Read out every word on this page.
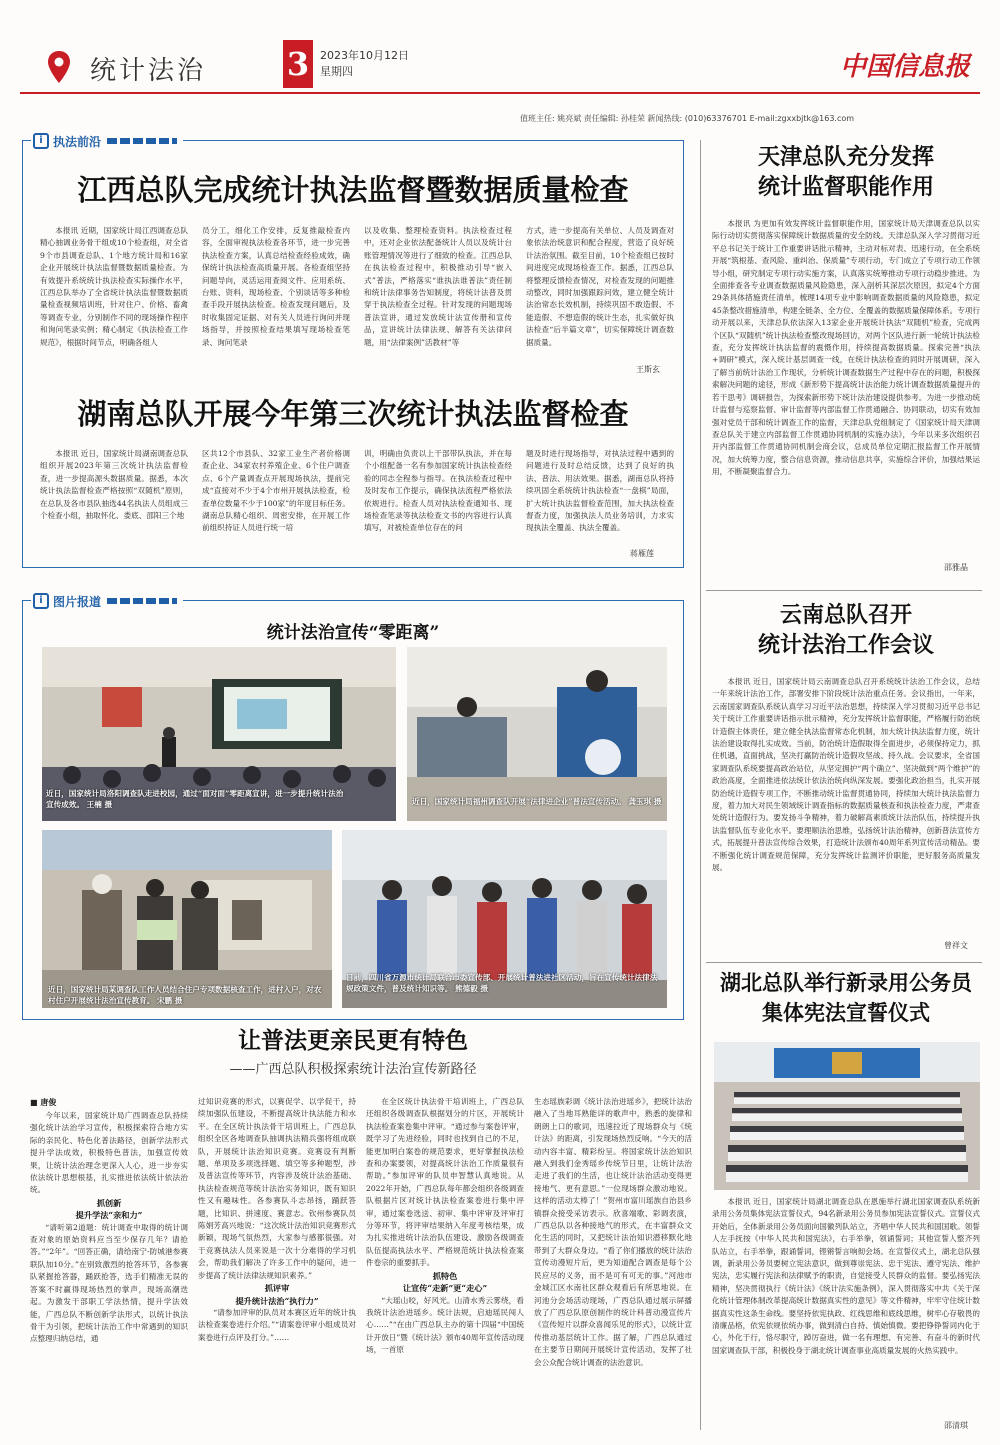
统计法治	3 2023年10月12日
星期四	中国信息报
值班主任: 姚亮斌 责任编辑: 孙桂荣 新闻热线: (010)63376701 E-mail:zgxxbjtk@163.com
i 执法前沿
江西总队完成统计执法监督暨数据质量检查

本报讯 近期，国家统计局江西调查总队精心抽调业务骨干组成10个检查组，对全省9个市县调查总队、1个地方统计局和16家企业开展统计执法监督暨数据质量检查。为有效提升系统统计执法检查实际操作水平，江西总队举办了全省统计执法监督暨数据质量检查视频培训班，针对住户、价格、畜禽等调查专业，分别制作不同的现场操作程序和询问笔录实例；精心制定《执法检查工作规范》，根据时间节点，明确各组人

员分工，细化工作安排，反复推敲检查内容，全面审视执法检查各环节，进一步完善执法检查方案，认真总结检查经验成效，确保统计执法检查高质量开展。各检查组坚持问题导向，灵活运用查阅文件、应用系统、台账、资料，现场检查、个别谈话等多种检查手段开展执法检查。检查发现问题后，及时收集固定证据、对有关人员进行询问并现场指导，并按照检查结果填写现场检查笔录、询问笔录

以及收集、整理检查资料。执法检查过程中，还对企业依法配备统计人员以及统计台账管理情况等进行了细致的检查。江西总队在执法检查过程中，积极推动引导“嵌入式”普法，严格落实“谁执法谁普法”责任制和统计法律事务告知制度，将统计法普及贯穿于执法检查全过程。针对发现的问题现场普法宣讲，通过发放统计法宣传册和宣传品，宣讲统计法律法规、解答有关法律问题，用“法律案例”活教材”等

方式，进一步提高有关单位、人员及调查对象依法治统意识和配合程度，营造了良好统计法治氛围。截至目前，10个检查组已按时间进度完成现场检查工作。据悉，江西总队将整理反馈检查情况，对检查发现的问题推动整改，同时加强跟踪问效，建立健全统计法治常态长效机制，持续巩固不敢造假、不能造假、不想造假的统计生态，扎实做好执法检查“后半篇文章”，切实保障统计调查数据质量。

王斯玄
湖南总队开展今年第三次统计执法监督检查

本报讯 近日，国家统计局湖南调查总队组织开展2023年第三次统计执法监督检查，进一步提高源头数据质量。据悉，本次统计执法监督检查严格按照“双随机”原则，在总队及各市县队抽选44名执法人员组成三个检查小组，抽取怀化、娄底、邵阳三个地

区共12个市县队、32家工业生产者价格调查企业、34家农村养殖企业、6个住户调查点、6个产量调查点开展现场执法，提前完成“直接对不少于4个市州开展执法检查，检查单位数量不少于100家”的年度目标任务。湖南总队精心组织、周密安排，在开展工作前组织持证人员进行统一培

训，明确由负责以上干部带队执法，并在每个小组配备一名有参加国家统计执法检查经验的同志全程参与指导。在执法检查过程中及时发布工作提示，确保执法流程严格依法依规进行。检查人员对执法检查通知书、现场检查笔录等执法检查文书的内容进行认真填写，对被检查单位存在的问

题及时进行现场指导，对执法过程中遇到的问题进行及时总结反馈，达到了良好的执法、普法、用法效果。据悉，湖南总队将持续巩固全系统统计执法检查“一盘棋”局面，扩大统计执法监督检查范围，加大执法检查督查力度，加强执法人员业务培训，力求实现执法全覆盖、执法全覆盖。

蒋雁莲
天津总队充分发挥
统计监督职能作用

本报讯 为更加有效发挥统计监督职能作用，国家统计局天津调查总队以实际行动切实贯彻落实保障统计数据质量的安全防线。天津总队深入学习贯彻习近平总书记关于统计工作重要讲话批示精神，主动对标对表、迅速行动，在全系统开展“筑根基、查风险、重纠治、保质量”专项行动，专门成立了专项行动工作领导小组，研究制定专项行动实施方案，认真落实统筹推动专项行动稳步推进。为全面排查各专业调查数据质量风险隐患，深入剖析其深层次原因，拟定4个方面29条具体措施责任清单，梳理14项专业中影响调查数据质量的风险隐患，拟定45条整改措施清单，构建全链条、全方位、全覆盖的数据质量保障体系。专项行动开展以来，天津总队依法深入13家企业开展统计执法“双随机”检查，完成两个区队“双随机”统计执法检查整改现场回访，对两个区队进行新一轮统计执法检查，充分发挥统计执法监督的震慑作用，持续提高数据质量。探索完善“执法+调研”模式，深入统计基层调查一线，在统计执法检查的同时开展调研，深入了解当前统计法治工作现状，分析统计调查数据生产过程中存在的问题，积极探索解决问题的途径，形成《新形势下提高统计法治能力统计调查数据质量提升的若干思考》调研报告，为探索新形势下统计法治建设提供参考。为进一步推动统计监督与巡察监督、审计监督等内部监督工作贯通融合、协同联动，切实有效加强对党员干部和统计调查工作的监督，天津总队党组制定了《国家统计局天津调查总队关于建立内部监督工作贯通协同机制的实施办法》，今年以来多次组织召开内部监督工作贯通协同机制会商会议，总成员单位定期汇报监督工作开展情况，加大统筹力度，整合信息资源，推动信息共享，实施综合评价，加强结果运用，不断凝聚监督合力。

邵雅晶
云南总队召开
统计法治工作会议

本报讯 近日，国家统计局云南调查总队召开系统统计法治工作会议，总结一年来统计法治工作，部署安排下阶段统计法治重点任务。会议指出，一年来，云南国家调查队系统认真学习习近平法治思想，持续深入学习贯彻习近平总书记关于统计工作重要讲话指示批示精神，充分发挥统计监督职能，严格履行防治统计造假主体责任，建立健全执法监督常态化机制，加大统计执法监督力度，统计法治建设取得扎实成效。当前，防治统计造假取得全面进步，必须保持定力，抓住机遇，直面挑战，坚决打赢防治统计造假攻坚战、持久战。会议要求，全省国家调查队系统要提高政治站位，从坚定拥护“两个确立”、坚决做到“两个维护”的政治高度，全面推进依法统计依法治统向纵深发展。要强化政治担当，扎实开展防治统计造假专项工作，不断推动统计监督贯通协同，持续加大统计执法监督力度，着力加大对民生领域统计调查指标的数据质量核查和执法检查力度，严肃查处统计造假行为。要发扬斗争精神，着力破解高素质统计法治队伍，持续提升执法监督队伍专业化水平。要理顺法治思维，弘扬统计法治精神，创新普法宣传方式，拓展提升普法宣传综合效果，打造统计法颁布40周年系列宣传活动精品。要不断强化统计调查规范保障，充分发挥统计监测评价职能，更好服务高质量发展。

曾祥文
湖北总队举行新录用公务员
集体宪法宣誓仪式

本报讯 近日，国家统计局湖北调查总队在恩施举行湖北国家调查队系统新录用公务员集体宪法宣誓仪式，94名新录用公务员参加宪法宣誓仪式。宣誓仪式开始后，全体新录用公务员面向国徽列队站立，齐唱中华人民共和国国歌。领誓人左手抚按《中华人民共和国宪法》，右手举拳，领诵誓词；其他宣誓人整齐列队站立，右手举拳，跟诵誓词，铿锵誓言响彻会场。在宣誓仪式上，湖北总队强调，新录用公务员要树立宪法意识，做到尊崇宪法、忠于宪法、遵守宪法、维护宪法，忠实履行宪法和法律赋予的职责，自觉接受人民群众的监督。要弘扬宪法精神，坚决贯彻执行《统计法》《统计法实施条例》，深入贯彻落实中共《关于深化统计管理体制改革提高统计数据真实性的意见》等文件精神，牢牢守住统计数据真实性这条生命线。要坚持依宪执政、红线思维和底线思维，树牢心存敬畏的清廉品格，依宪依规依统办事，做到清白自持、慎始慎微。要把铮铮誓词内化于心，外化于行，恪尽职守，踔厉奋进，做一名有理想、有完善、有奋斗的新时代国家调查队干部，积极投身于湖北统计调查事业高质量发展的火热实践中。

邵清琪
i 图片报道
统计法治宣传“零距离”
近日，国家统计局洛阳调查队走进校园，通过“面对面”零距离宣讲，进一步提升统计法治宣传成效。 王楠 摄	近日，国家统计局福州调查队开展“法律进企业”普法宣传活动。 龚玉琪 摄
近日，国家统计局某调查队工作人员结合住户专项数据核查工作，进村入户，对农村住户开展统计法治宣传教育。 宋鹏 摄
日前，四川省万源市统计局联合市委宣传部、开展统计普法进社区活动，旨在宣传统计法律法规政策文件，普及统计知识等。 熊德毅 摄
让普法更亲民更有特色
——广西总队积极探索统计法治宣传新路径
■ 唐俊

今年以来，国家统计局广西调查总队持续强化统计法治学习宣传，积极探索符合地方实际的亲民化、特色化普法路径，创新学法形式提升学法成效，积极特色普法，加强宣传效果，让统计法治理念更深入人心，进一步夯实依法统计思想根基，扎实推进依法统计依法治统。

抓创新
提升学法“亲和力”

“请听第2道题：统计调查中取得的统计调查对象的原始资料应当至少保存几年？请抢答。”“2年”。“回答正确，请给南宁-防城港参赛联队加10分。”在别致激烈的抢答环节，各参赛队紧握抢答器，踊跃抢答，选手们精准无误的答案不时赢得现场热烈的掌声，现场高潮迭起。为激发干部职工学法热情，提升学法效能，广西总队不断创新学法形式，以统计执法骨干为引领，把统计法治工作中常遇到的知识点整理归纳总结，通

过知识竞赛的形式，以赛促学、以学促干，持续加强队伍建设，不断提高统计执法能力和水平。在全区统计执法骨干培训班上，广西总队组织全区各地调查队抽调执法精兵强将组成联队，开展统计法治知识竞赛。竞赛设有判断题、单项及多项选择题、填空等多种题型，涉及普法宣传等环节，内容涉及统计法治基础、执法检查规范等统计法治实务知识，既有知识性又有趣味性。各参赛队斗志昂扬，踊跃答题，比知识、拼速度、赛意志。钦州参赛队员陈娟芳高兴地说：“这次统计法治知识竞赛形式新颖，现场气氛热烈，大家参与感都很强。对于竞赛执法人员来说是一次十分难得的学习机会，帮助我们解决了许多工作中的疑问，进一步提高了统计法律法规知识素养。”

抓评审
提升统计法治“执行力”

“请参加评审的队员对本赛区近年的统计执法检查案卷进行介绍。”“请案卷评审小组成员对案卷进行点评及打分。”……

在全区统计执法骨干培训班上，广西总队还组织各级调查队根据划分的片区，开展统计执法检查案卷集中评审。“通过参与案卷评审，既学习了先进经验，同时也找到自己的不足，能更加明白案卷的规范要求，更好掌握执法检查和办案要领，对提高统计法治工作质量很有帮助。”参加评审的队员申智慧认真地说。从2022年开始，广西总队每年都会组织各级调查队根据片区对统计执法检查案卷进行集中评审，通过案卷选送、初审、集中评审及评审打分等环节，将评审结果纳入年度考核结果，成为扎实推进统计法治队伍建设、激励各级调查队伍提高执法水平、严格规范统计执法检查案件卷宗的重要抓手。

抓特色
让宣传“走新”更“走心”

“大瑶山咬，好风光。山清水秀云雾绕，看我统计法治进瑶乡。统计法规，启迪瑶民闯人心……”“在由广西总队主办的第十四届“中国统计开放日”暨《统计法》颁布40周年宣传活动现场，一首原

生态瑶族彩调《统计法治进瑶乡》，把统计法治融入了当地耳熟能详的歌声中，熟悉的旋律和朗朗上口的歌词，迅速拉近了现场群众与《统计法》的距离，引发现场热烈反响。“今天的活动内容丰富、精彩纷呈。将国家统计法治知识融入到我们金秀瑶乡传统节日里，让统计法治走进了我们的生活，也让统计法治活动变得更接地气、更有意思。”一位现场群众激动地说。这样的活动太棒了！”贺州市富川瑶族自治县乡镇群众接受采访表示。欣喜端歌、彩调表演，广西总队以各种接地气的形式，在丰富群众文化生活的同时，又把统计法治知识潜移默化地带到了大群众身边。“看了你们播放的统计法治宣传动漫短片后，更为知道配合调查是每个公民应尽的义务，而不是可有可无的事。”河池市金城江区水南社区群众观看后有所思地说。在河池分会场活动现场，广西总队通过展示屏播放了广西总队原创制作的统计科普动漫宣传片《宣传短片以群众喜闻乐见的形式》，以统计宣传推动基层统计工作。据了解，广西总队通过在主要节日期间开展统计宣传活动，发挥了社会公众配合统计调查的法治意识。
